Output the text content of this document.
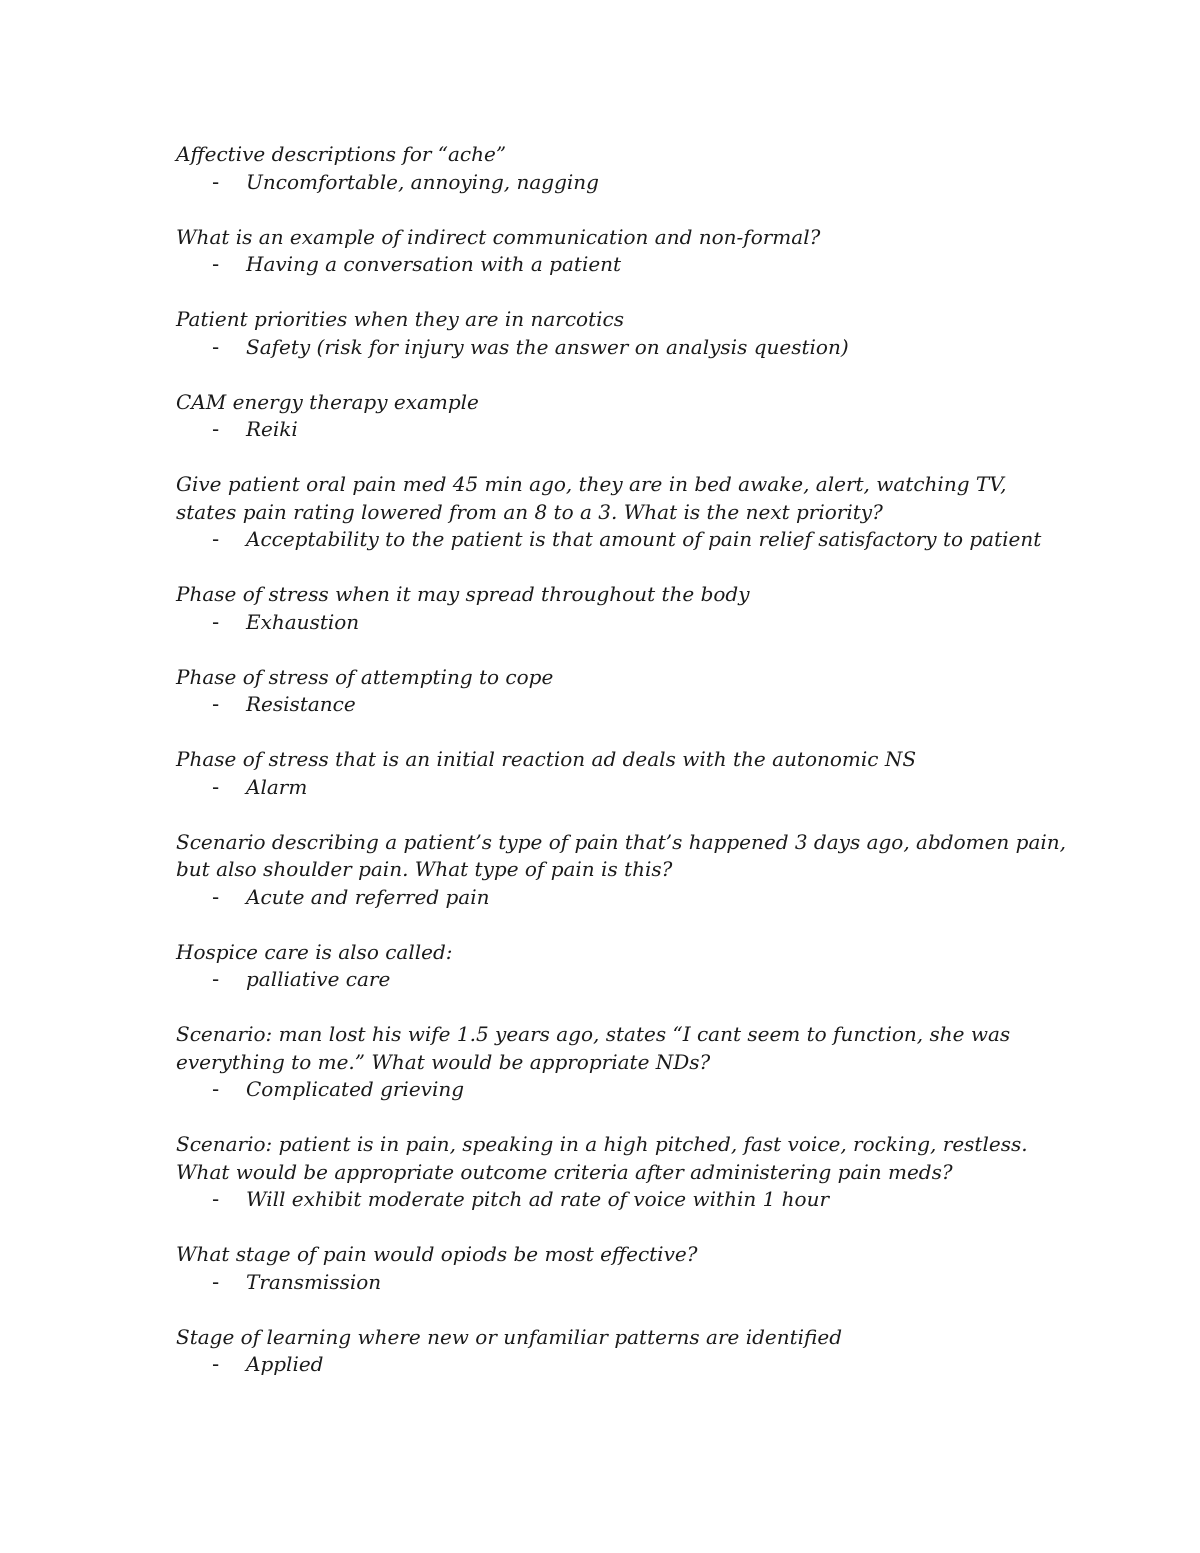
Affective descriptions for “ache”
- Uncomfortable, annoying, nagging
What is an example of indirect communication and non-formal?
- Having a conversation with a patient
Patient priorities when they are in narcotics
- Safety (risk for injury was the answer on analysis question)
CAM energy therapy example
- Reiki
Give patient oral pain med 45 min ago, they are in bed awake, alert, watching TV,
states pain rating lowered from an 8 to a 3. What is the next priority?
- Acceptability to the patient is that amount of pain relief satisfactory to patient
Phase of stress when it may spread throughout the body
- Exhaustion
Phase of stress of attempting to cope
- Resistance
Phase of stress that is an initial reaction ad deals with the autonomic NS
- Alarm
Scenario describing a patient’s type of pain that’s happened 3 days ago, abdomen pain,
but also shoulder pain. What type of pain is this?
- Acute and referred pain
Hospice care is also called:
- palliative care
Scenario: man lost his wife 1.5 years ago, states “I cant seem to function, she was
everything to me.” What would be appropriate NDs?
- Complicated grieving
Scenario: patient is in pain, speaking in a high pitched, fast voice, rocking, restless.
What would be appropriate outcome criteria after administering pain meds?
- Will exhibit moderate pitch ad rate of voice within 1 hour
What stage of pain would opiods be most effective?
- Transmission
Stage of learning where new or unfamiliar patterns are identified
- Applied
